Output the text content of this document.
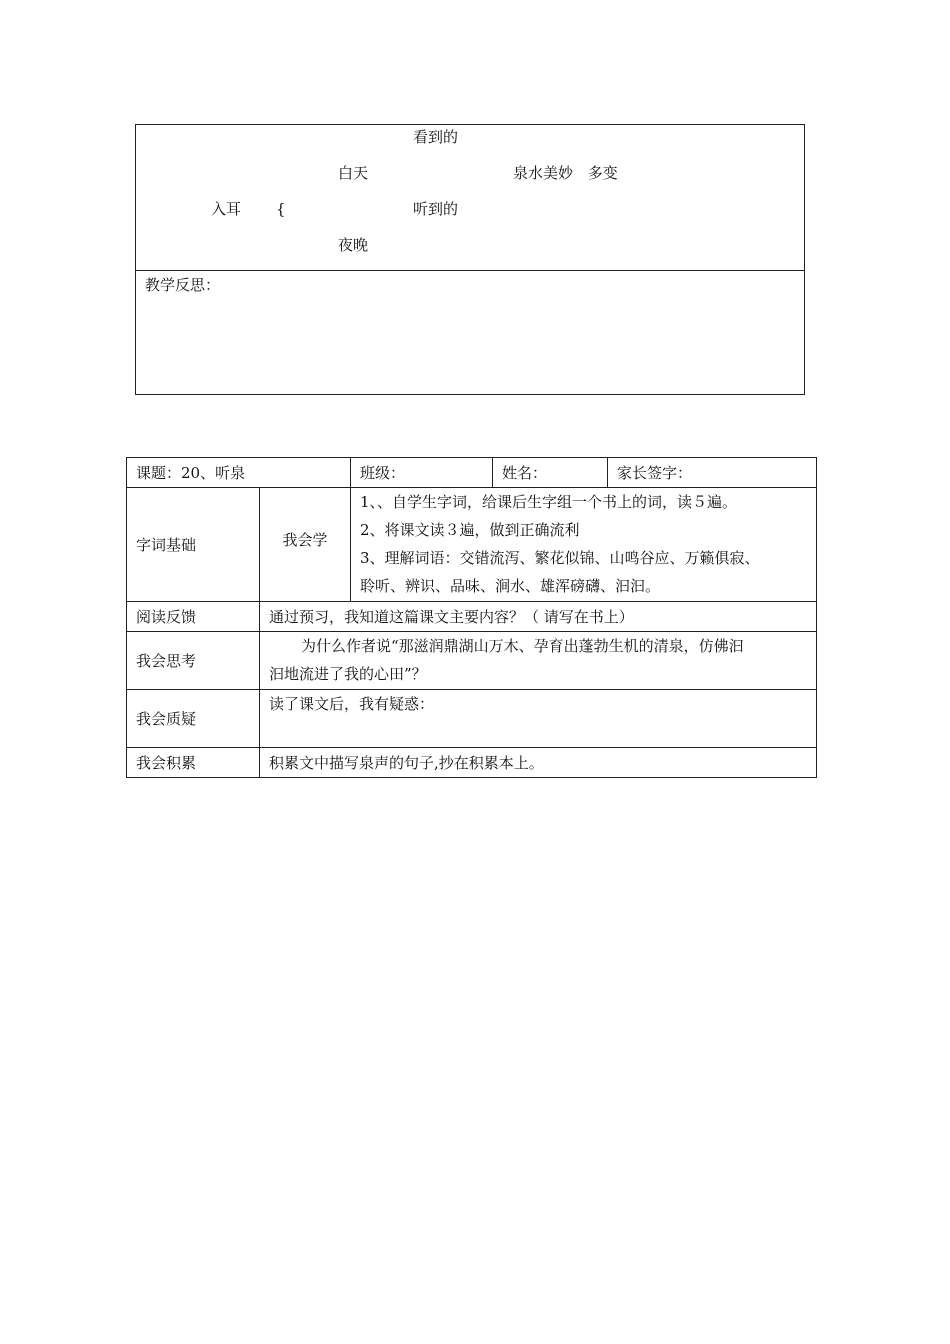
看到的
白天	泉水美妙 多变
入耳 {	听到的
夜晚
教学反思：
课题：20、听泉		班级：	姓名：	家长签字：
字词基础	我会学	1、、自学生字词，给课后生字组一个书上的词，读５遍。
2、将课文读３遍，做到正确流利
3、理解词语：交错流泻、繁花似锦、山鸣谷应、万籁俱寂、
聆听、辨识、品味、涧水、雄浑磅礴、汩汩。		

阅读反馈	通过预习，我知道这篇课文主要内容？（ 请写在书上）			
我会思考	为什么作者说“那滋润鼎湖山万木、孕育出蓬勃生机的清泉，仿佛汩
汩地流进了我的心田”？			

我会质疑	读了课文后，我有疑惑：			
我会积累	积累文中描写泉声的句子,抄在积累本上。			
